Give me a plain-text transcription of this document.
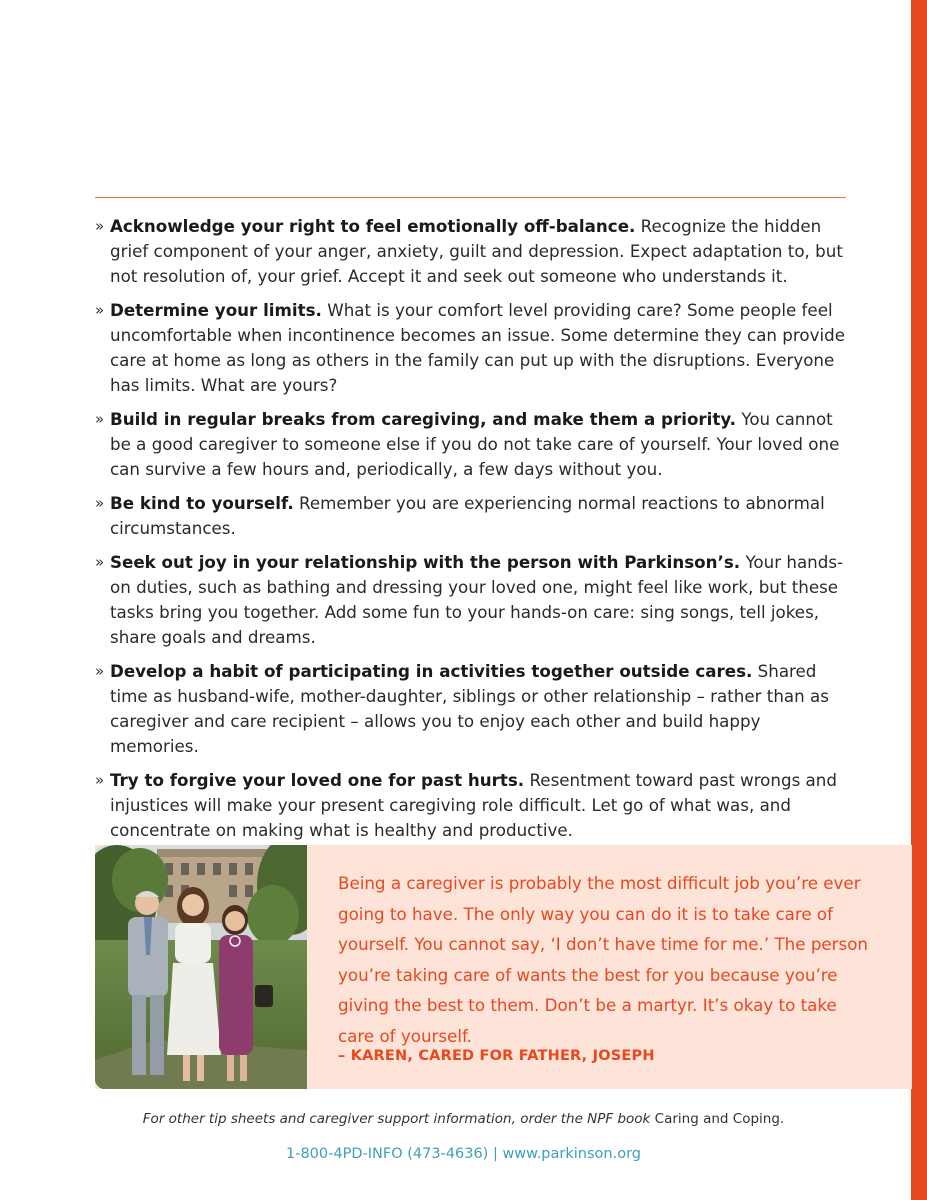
» Acknowledge your right to feel emotionally off-balance. Recognize the hidden grief component of your anger, anxiety, guilt and depression. Expect adaptation to, but not resolution of, your grief. Accept it and seek out someone who understands it.
» Determine your limits. What is your comfort level providing care? Some people feel uncomfortable when incontinence becomes an issue. Some determine they can provide care at home as long as others in the family can put up with the disruptions. Everyone has limits. What are yours?
» Build in regular breaks from caregiving, and make them a priority. You cannot be a good caregiver to someone else if you do not take care of yourself. Your loved one can survive a few hours and, periodically, a few days without you.
» Be kind to yourself. Remember you are experiencing normal reactions to abnormal circumstances.
» Seek out joy in your relationship with the person with Parkinson’s. Your hands-on duties, such as bathing and dressing your loved one, might feel like work, but these tasks bring you together. Add some fun to your hands-on care: sing songs, tell jokes, share goals and dreams.
» Develop a habit of participating in activities together outside cares. Shared time as husband-wife, mother-daughter, siblings or other relationship – rather than as caregiver and care recipient – allows you to enjoy each other and build happy memories.
» Try to forgive your loved one for past hurts. Resentment toward past wrongs and injustices will make your present caregiving role difficult. Let go of what was, and concentrate on making what is healthy and productive.
Being a caregiver is probably the most difficult job you’re ever going to have. The only way you can do it is to take care of yourself. You cannot say, ‘I don’t have time for me.’ The person you’re taking care of wants the best for you because you’re giving the best to them. Don’t be a martyr. It’s okay to take care of yourself.
– KAREN, CARED FOR FATHER, JOSEPH
For other tip sheets and caregiver support information, order the NPF book Caring and Coping.
1-800-4PD-INFO (473-4636) | www.parkinson.org
